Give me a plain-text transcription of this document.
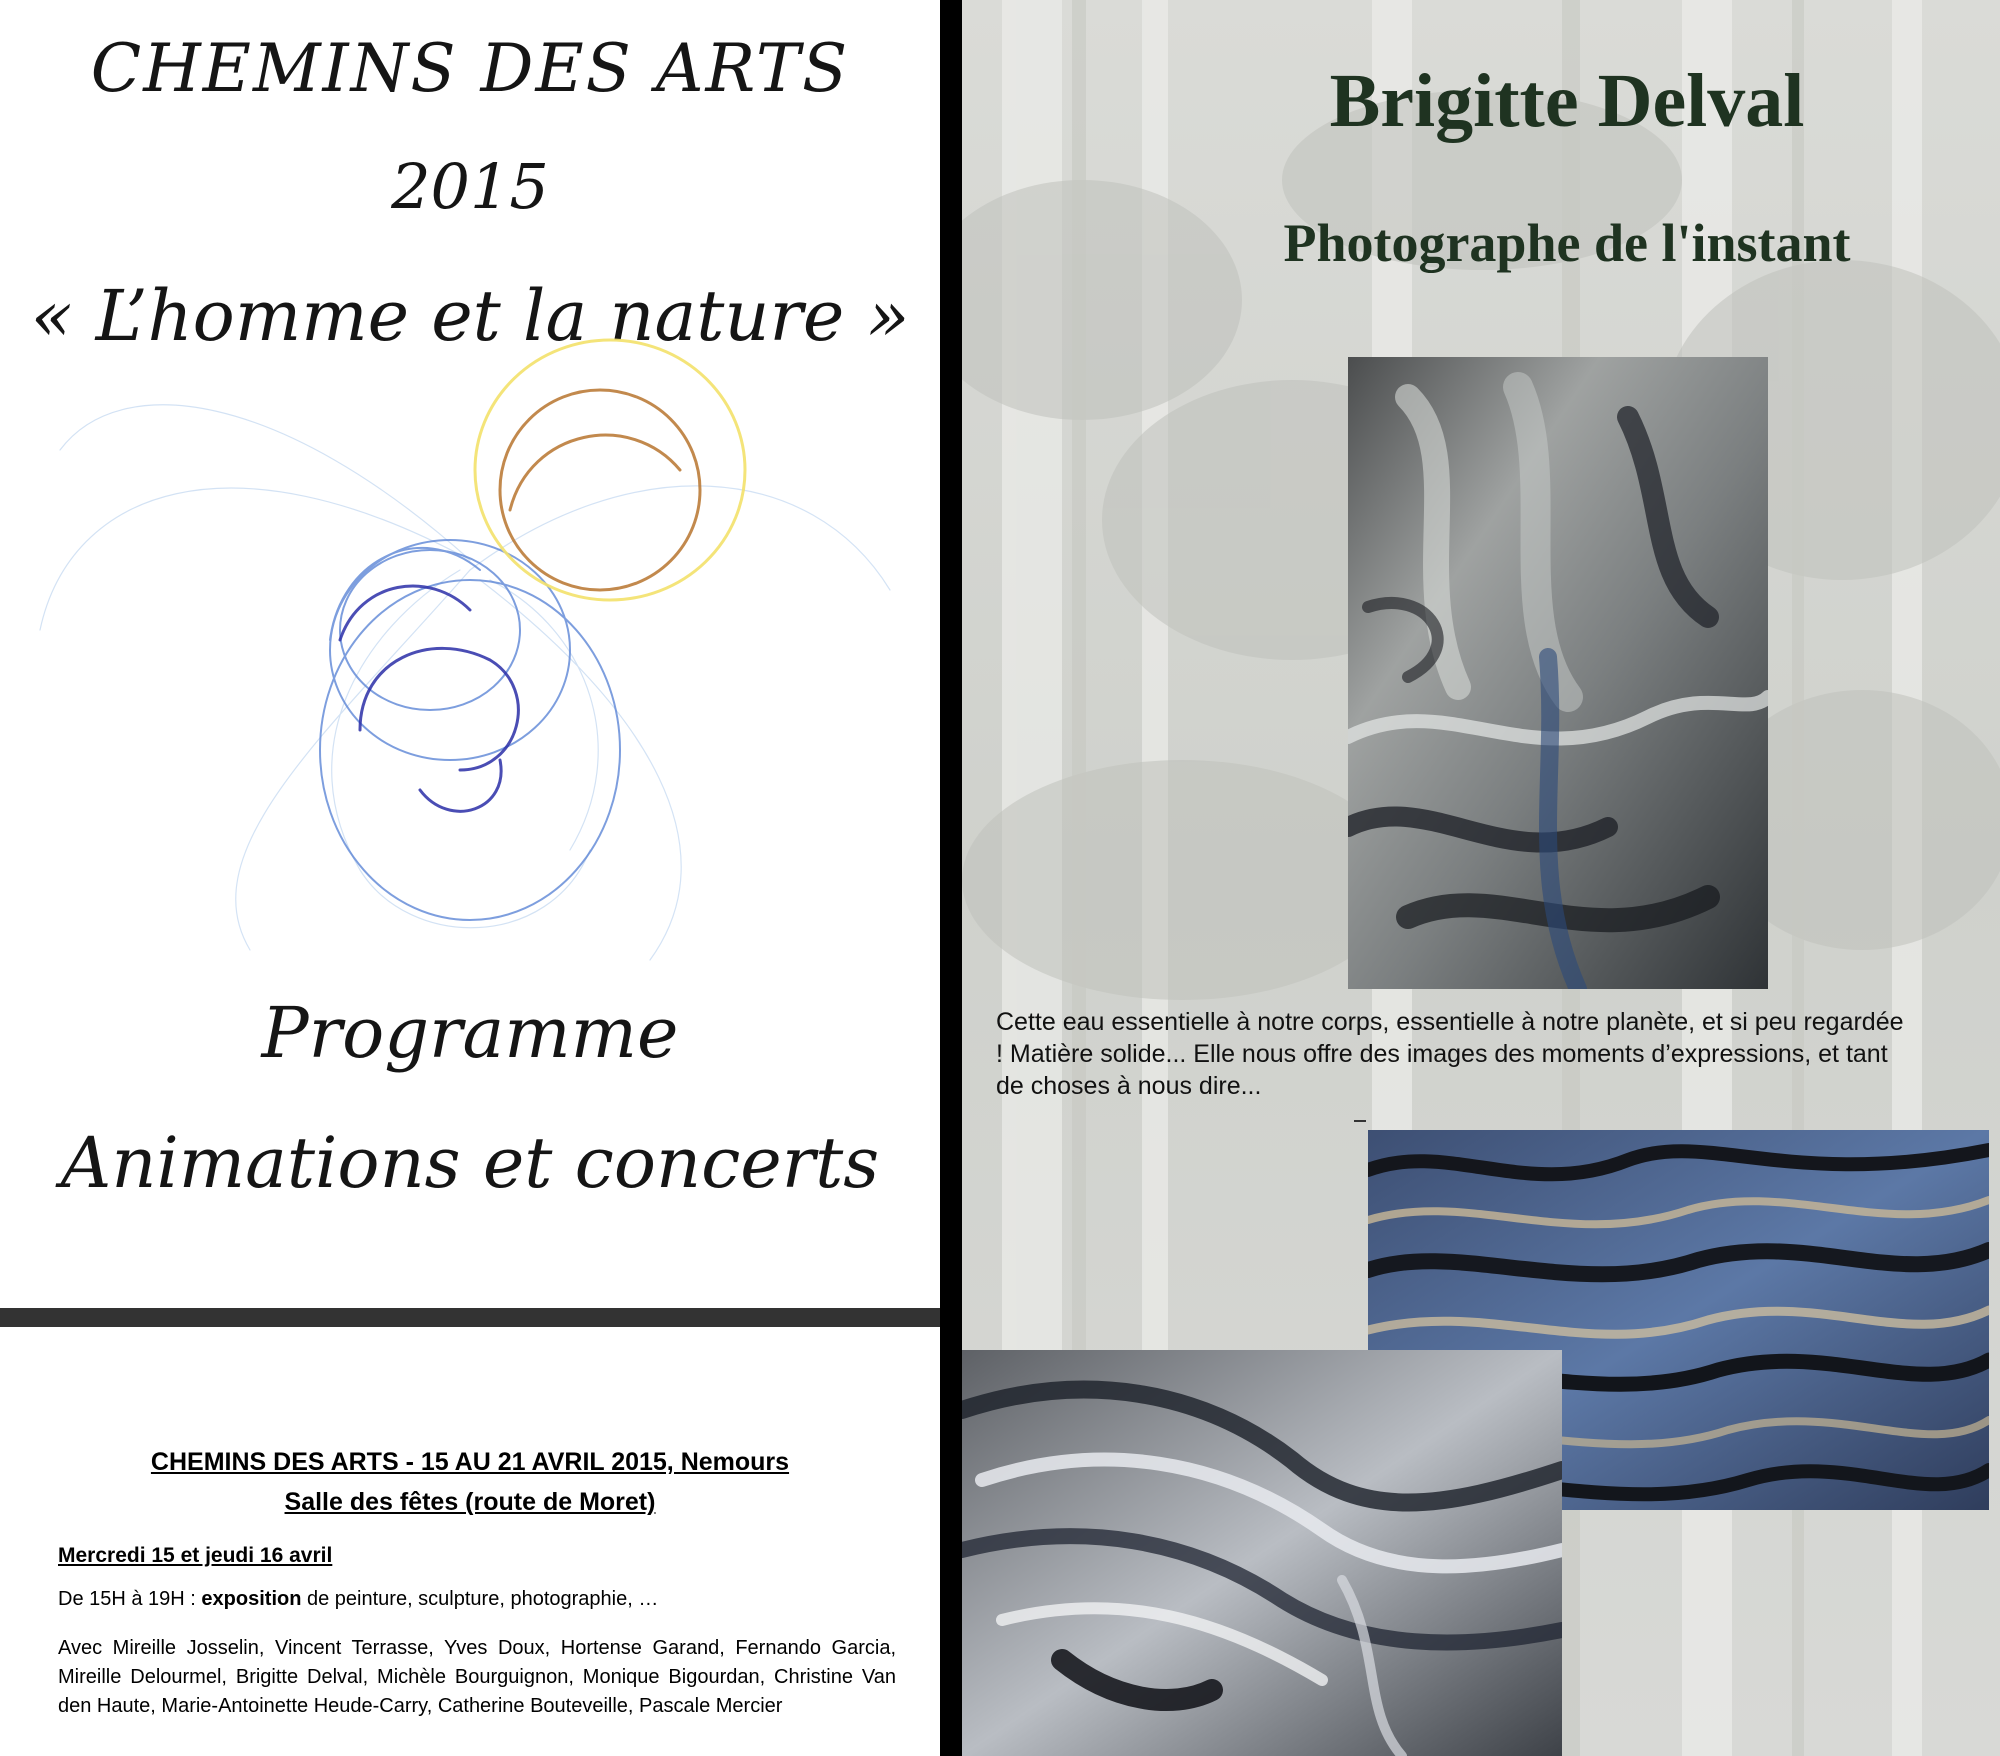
CHEMINS DES ARTS
2015
« L’homme et la nature »
Programme
Animations et concerts
CHEMINS DES ARTS - 15 AU 21 AVRIL 2015, Nemours
Salle des fêtes (route de Moret)
Mercredi 15 et jeudi 16 avril
De 15H à 19H : exposition de peinture, sculpture, photographie, …
Avec Mireille Josselin, Vincent Terrasse, Yves Doux, Hortense Garand, Fernando Garcia, Mireille Delourmel, Brigitte Delval, Michèle Bourguignon, Monique Bigourdan, Christine Van den Haute, Marie-Antoinette Heude-Carry, Catherine Bouteveille, Pascale Mercier
Brigitte Delval
Photographe de l'instant
Cette eau essentielle à notre corps, essentielle à notre planète, et si peu regardée ! Matière solide... Elle nous offre des images des moments d’expressions, et tant de choses à nous dire...
